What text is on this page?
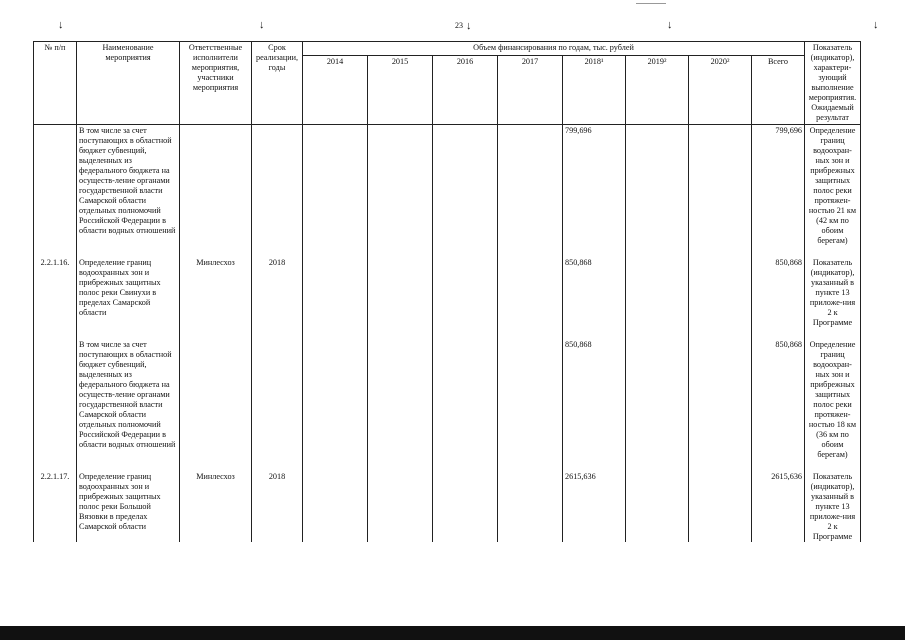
↓	↓	23 ↓	↓	↓
№ п/п	Наименование мероприятия	Ответственные исполнители мероприятия, участники мероприятия	Срок реализации, годы	Объем финансирования по годам, тыс. рублей								Показатель (индикатор), характери-зующий выполнение мероприятия. Ожидаемый результат
				2014	2015	2016	2017	2018¹	2019²	2020²	Всего	
	В том числе за счет поступающих в областной бюджет субвенций, выделенных из федерального бюджета на осуществ-ление органами государственной власти Самарской области отдельных полномочий Российской Федерации в области водных отношений							799,696			799,696	Определение границ водоохран-ных зон и прибрежных защитных полос реки протяжен-ностью 21 км (42 км по обоим берегам)

2.2.1.16.	Определение границ водоохранных зон и прибрежных защитных полос реки Свинухи в пределах Самарской области	Минлесхоз	2018					850,868			850,868	Показатель (индикатор), указанный в пункте 13 приложе-ния 2 к Программе

	В том числе за счет поступающих в областной бюджет субвенций, выделенных из федерального бюджета на осуществ-ление органами государственной власти Самарской области отдельных полномочий Российской Федерации в области водных отношений							850,868			850,868	Определение границ водоохран-ных зон и прибрежных защитных полос реки протяжен-ностью 18 км (36 км по обоим берегам)

2.2.1.17.	Определение границ водоохранных зон и прибрежных защитных полос реки Большой Вязовки в пределах Самарской области	Минлесхоз	2018					2615,636			2615,636	Показатель (индикатор), указанный в пункте 13 приложе-ния 2 к Программе
